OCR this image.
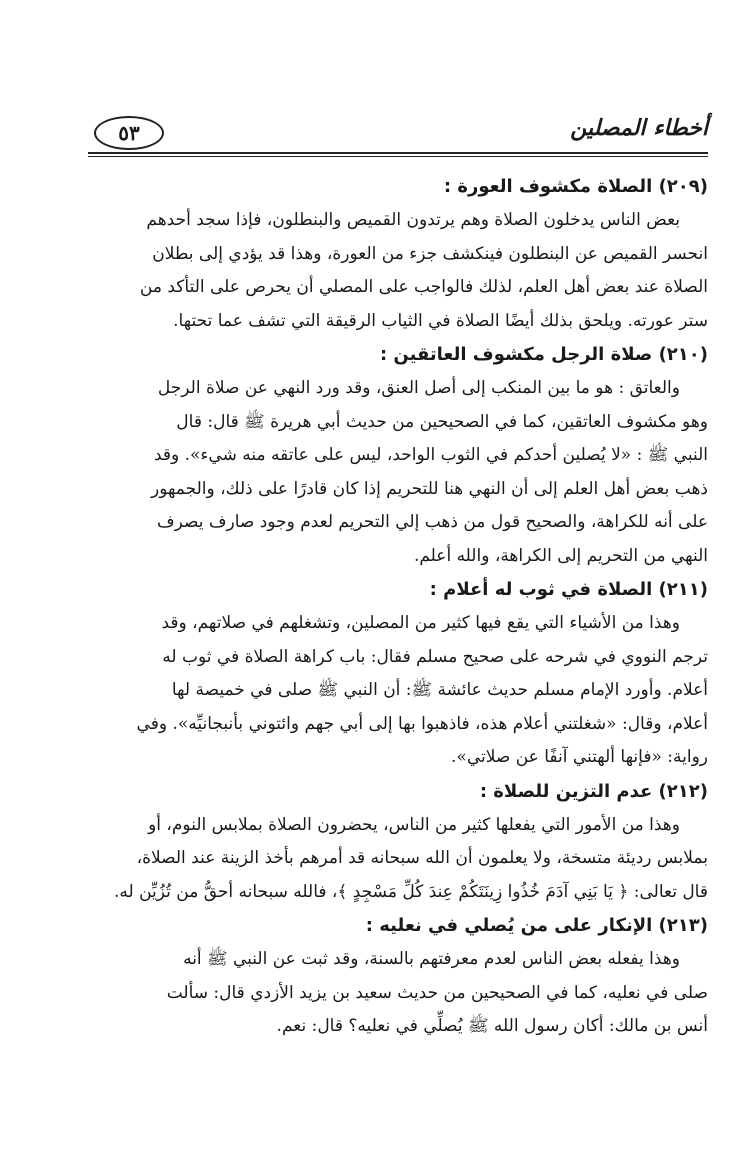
٥٣	أخطاء المصلين

(٢٠٩) الصلاة مكشوف العورة :

بعض الناس يدخلون الصلاة وهم يرتدون القميص والبنطلون، فإذا سجد أحدهم

انحسر القميص عن البنطلون فينكشف جزء من العورة، وهذا قد يؤدي إلى بطلان

الصلاة عند بعض أهل العلم، لذلك فالواجب على المصلي أن يحرص على التأكد من

ستر عورته. ويلحق بذلك أيضًا الصلاة في الثياب الرقيقة التي تشف عما تحتها.

(٢١٠) صلاة الرجل مكشوف العاتقين :

والعاتق : هو ما بين المنكب إلى أصل العنق، وقد ورد النهي عن صلاة الرجل

وهو مكشوف العاتقين، كما في الصحيحين من حديث أبي هريرة ﷺ قال: قال

النبي ﷺ : «لا يُصلين أحدكم في الثوب الواحد، ليس على عاتقه منه شيء». وقد

ذهب بعض أهل العلم إلى أن النهي هنا للتحريم إذا كان قادرًا على ذلك، والجمهور

على أنه للكراهة، والصحيح قول من ذهب إلي التحريم لعدم وجود صارف يصرف

النهي من التحريم إلى الكراهة، والله أعلم.

(٢١١) الصلاة في ثوب له أعلام :

وهذا من الأشياء التي يقع فيها كثير من المصلين، وتشغلهم في صلاتهم، وقد

ترجم النووي في شرحه على صحيح مسلم فقال: باب كراهة الصلاة في ثوب له

أعلام. وأورد الإمام مسلم حديث عائشة ﷺ: أن النبي ﷺ صلى في خميصة لها

أعلام، وقال: «شغلتني أعلام هذه، فاذهبوا بها إلى أبي جهم وائتوني بأنبجانيِّه». وفي

رواية: «فإنها ألهتني آنفًا عن صلاتي».

(٢١٢) عدم التزين للصلاة :

وهذا من الأمور التي يفعلها كثير من الناس، يحضرون الصلاة بملابس النوم، أو

بملابس رديئة متسخة، ولا يعلمون أن الله سبحانه قد أمرهم بأخذ الزينة عند الصلاة،

قال تعالى: ﴿ يَا بَنِي آدَمَ خُذُوا زِينَتَكُمْ عِندَ كُلِّ مَسْجِدٍ ﴾، فالله سبحانه أحقُّ من تُزُيِّن له.

(٢١٣) الإنكار على من يُصلي في نعليه :

وهذا يفعله بعض الناس لعدم معرفتهم بالسنة، وقد ثبت عن النبي ﷺ أنه

صلى في نعليه، كما في الصحيحين من حديث سعيد بن يزيد الأزدي قال: سألت

أنس بن مالك: أكان رسول الله ﷺ يُصلِّي في نعليه؟ قال: نعم.
